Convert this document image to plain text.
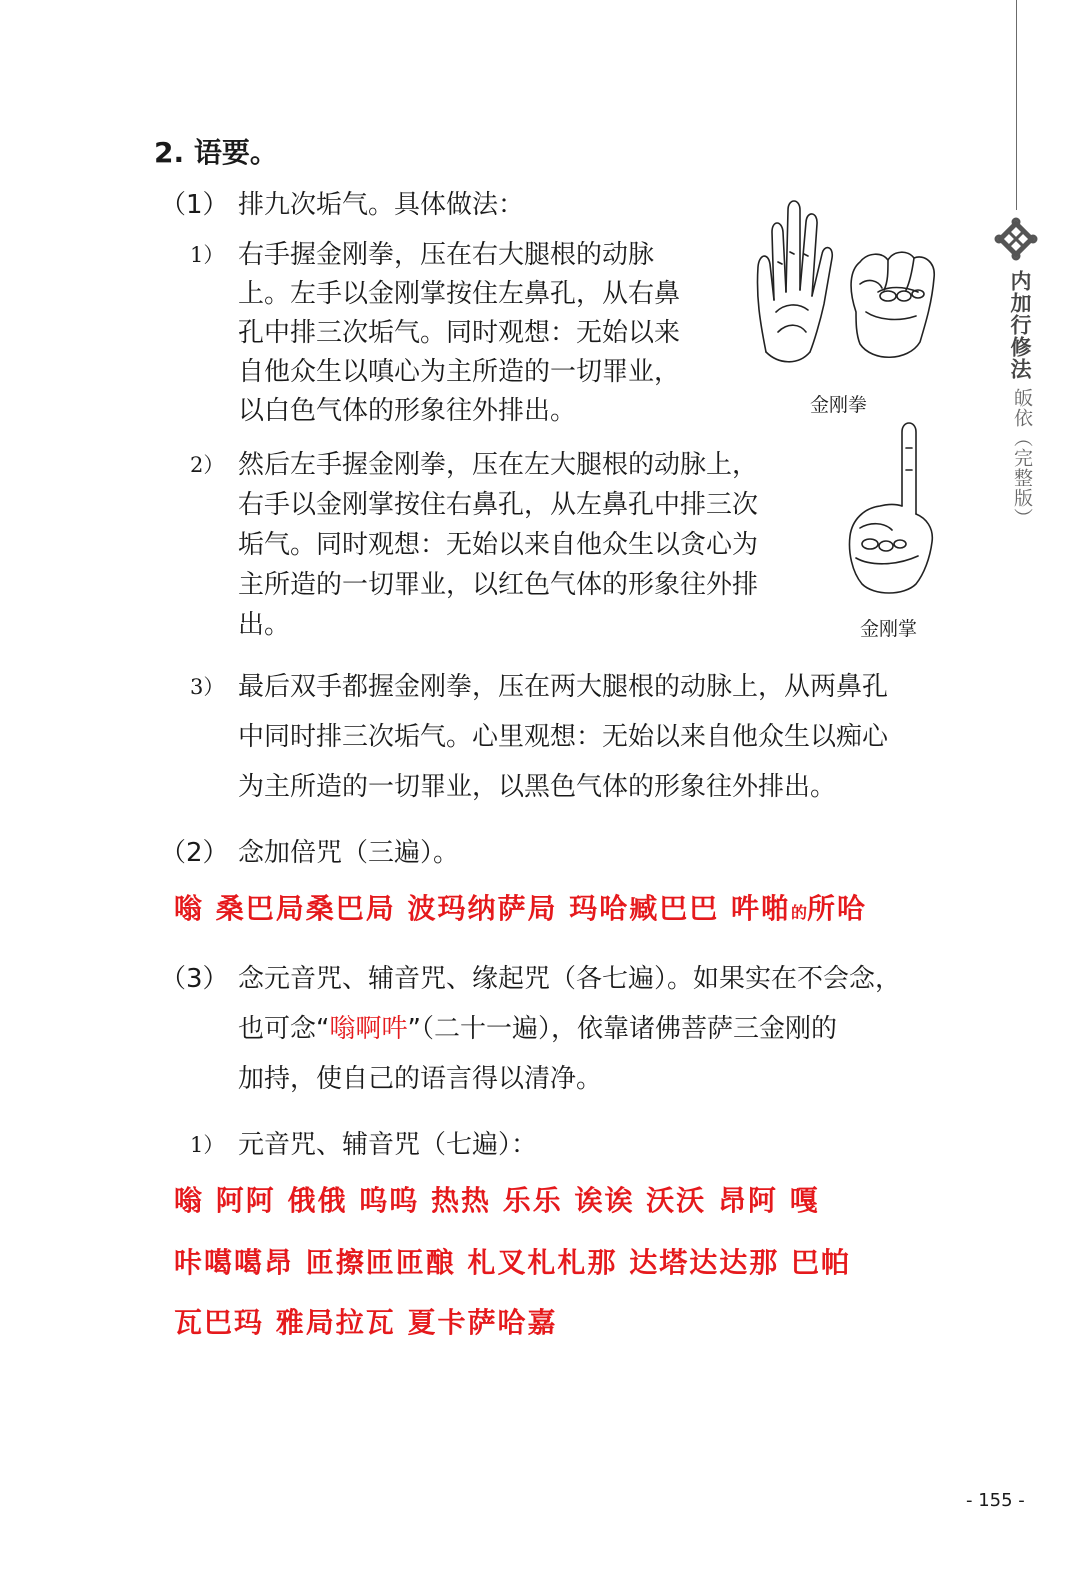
内加行修法
皈依（完整版）
2. 语要。
（1） 排九次垢气。具体做法：
1） 右手握金刚拳，压在右大腿根的动脉
上。左手以金刚掌按住左鼻孔，从右鼻
孔中排三次垢气。同时观想：无始以来
自他众生以嗔心为主所造的一切罪业，
以白色气体的形象往外排出。	金刚拳
2） 然后左手握金刚拳，压在左大腿根的动脉上，
右手以金刚掌按住右鼻孔，从左鼻孔中排三次
垢气。同时观想：无始以来自他众生以贪心为
主所造的一切罪业，以红色气体的形象往外排
出。	金刚掌
3） 最后双手都握金刚拳，压在两大腿根的动脉上，从两鼻孔
中同时排三次垢气。心里观想：无始以来自他众生以痴心
为主所造的一切罪业，以黑色气体的形象往外排出。
（2） 念加倍咒（三遍）。
嗡 桑巴局桑巴局 波玛纳萨局 玛哈臧巴巴 吽啪的所哈
（3） 念元音咒、辅音咒、缘起咒（各七遍）。如果实在不会念，
也可念“嗡啊吽”（二十一遍），依靠诸佛菩萨三金刚的
加持，使自己的语言得以清净。
1） 元音咒、辅音咒（七遍）：
嗡 阿阿 俄俄 呜呜 热热 乐乐 诶诶 沃沃 昂阿 嘎
咔噶噶昂 匝擦匝匝酿 札叉札札那 达塔达达那 巴帕
瓦巴玛 雅局拉瓦 夏卡萨哈嘉
- 155 -
